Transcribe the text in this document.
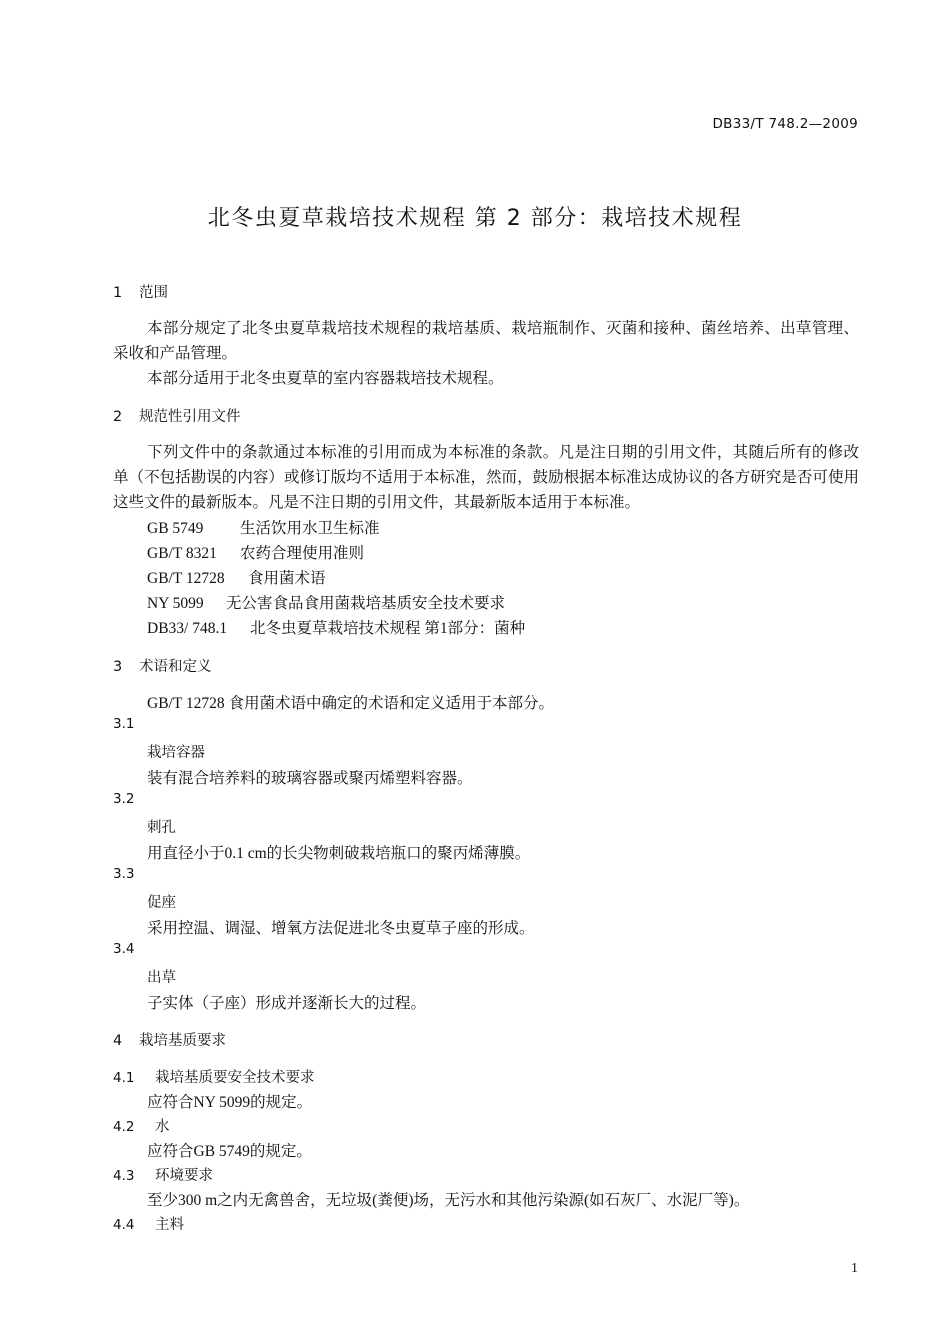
DB33/T 748.2—2009
北冬虫夏草栽培技术规程 第 2 部分：栽培技术规程
1 范围
本部分规定了北冬虫夏草栽培技术规程的栽培基质、栽培瓶制作、灭菌和接种、菌丝培养、出草管理、采收和产品管理。
本部分适用于北冬虫夏草的室内容器栽培技术规程。
2 规范性引用文件
下列文件中的条款通过本标准的引用而成为本标准的条款。凡是注日期的引用文件，其随后所有的修改单（不包括勘误的内容）或修订版均不适用于本标准，然而，鼓励根据本标准达成协议的各方研究是否可使用这些文件的最新版本。凡是不注日期的引用文件，其最新版本适用于本标准。
GB 5749 生活饮用水卫生标准
GB/T 8321 农药合理使用准则
GB/T 12728 食用菌术语
NY 5099 无公害食品食用菌栽培基质安全技术要求
DB33/ 748.1 北冬虫夏草栽培技术规程 第1部分：菌种
3 术语和定义
GB/T 12728 食用菌术语中确定的术语和定义适用于本部分。
3.1
栽培容器
装有混合培养料的玻璃容器或聚丙烯塑料容器。
3.2
刺孔
用直径小于0.1 cm的长尖物刺破栽培瓶口的聚丙烯薄膜。
3.3
促座
采用控温、调湿、增氧方法促进北冬虫夏草子座的形成。
3.4
出草
子实体（子座）形成并逐渐长大的过程。
4 栽培基质要求
4.1 栽培基质要安全技术要求
应符合NY 5099的规定。
4.2 水
应符合GB 5749的规定。
4.3 环境要求
至少300 m之内无禽兽舍，无垃圾(粪便)场，无污水和其他污染源(如石灰厂、水泥厂等)。
4.4 主料
1
